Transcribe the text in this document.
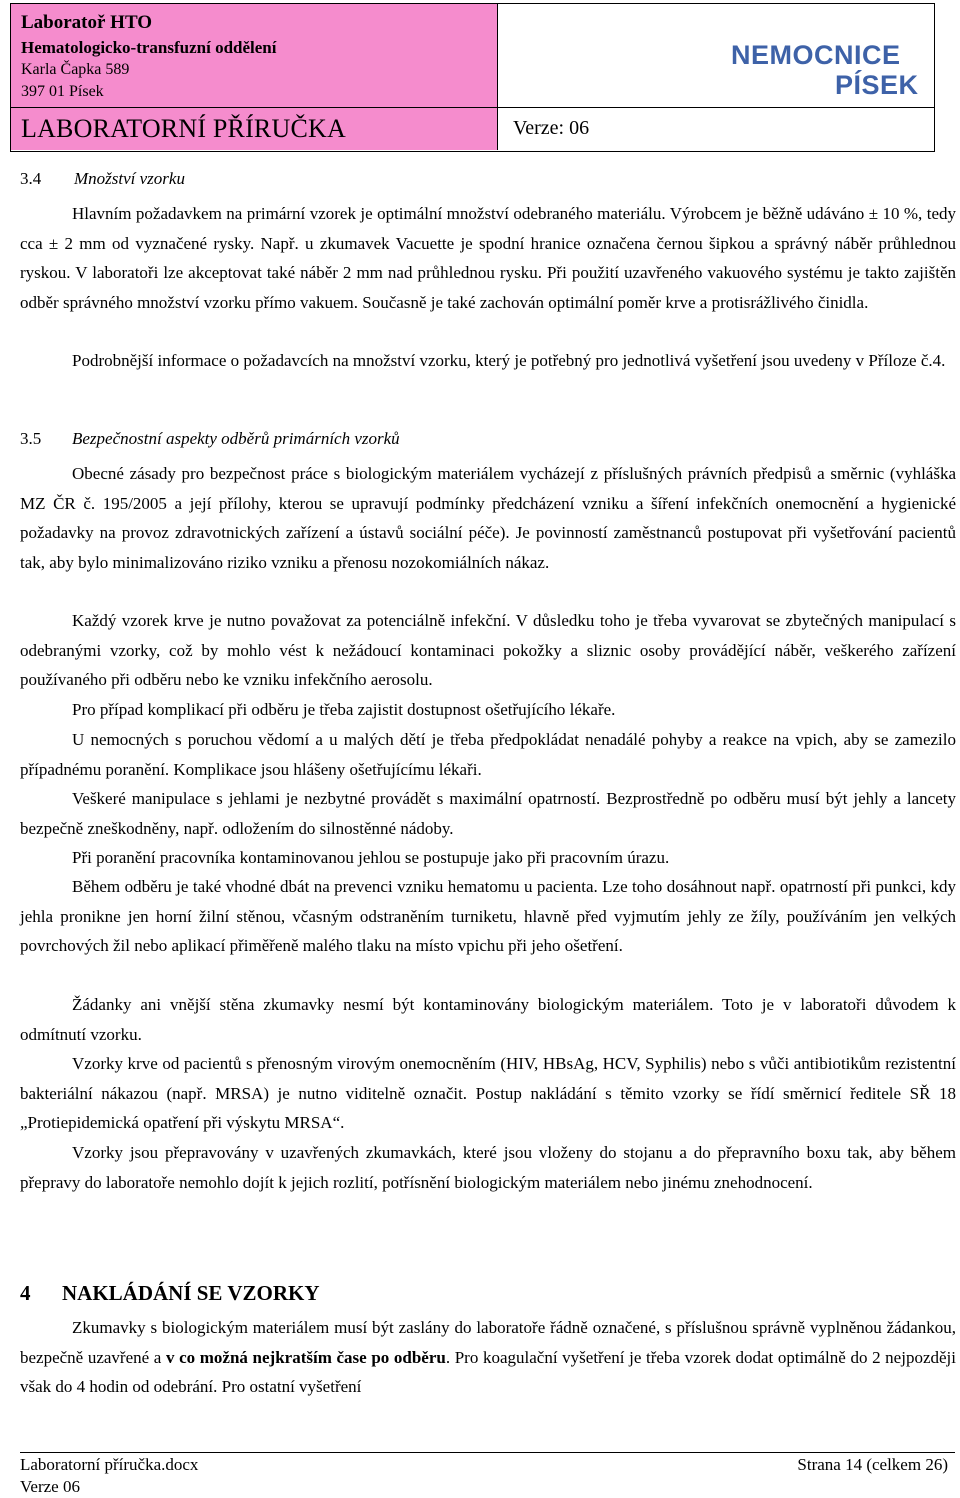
Laboratoř HTO
Hematologicko-transfuzní oddělení
Karla Čapka 589
397 01 Písek
LABORATORNÍ PŘÍRUČKA	Verze: 06
NEMOCNICE
PÍSEK
3.4 Množství vzorku
Hlavním požadavkem na primární vzorek je optimální množství odebraného materiálu. Výrobcem je běžně udáváno ± 10 %, tedy cca ± 2 mm od vyznačené rysky. Např. u zkumavek Vacuette je spodní hranice označena černou šipkou a správný náběr průhlednou ryskou. V laboratoři lze akceptovat také náběr 2 mm nad průhlednou rysku. Při použití uzavřeného vakuového systému je takto zajištěn odběr správného množství vzorku přímo vakuem. Současně je také zachován optimální poměr krve a protisrážlivého činidla.
Podrobnější informace o požadavcích na množství vzorku, který je potřebný pro jednotlivá vyšetření jsou uvedeny v Příloze č.4.
3.5 Bezpečnostní aspekty odběrů primárních vzorků
Obecné zásady pro bezpečnost práce s biologickým materiálem vycházejí z příslušných právních předpisů a směrnic (vyhláška MZ ČR č. 195/2005 a její přílohy, kterou se upravují podmínky předcházení vzniku a šíření infekčních onemocnění a hygienické požadavky na provoz zdravotnických zařízení a ústavů sociální péče). Je povinností zaměstnanců postupovat při vyšetřování pacientů tak, aby bylo minimalizováno riziko vzniku a přenosu nozokomiálních nákaz.
Každý vzorek krve je nutno považovat za potenciálně infekční. V důsledku toho je třeba vyvarovat se zbytečných manipulací s odebranými vzorky, což by mohlo vést k nežádoucí kontaminaci pokožky a sliznic osoby provádějící náběr, veškerého zařízení používaného při odběru nebo ke vzniku infekčního aerosolu.
Pro případ komplikací při odběru je třeba zajistit dostupnost ošetřujícího lékaře.
U nemocných s poruchou vědomí a u malých dětí je třeba předpokládat nenadálé pohyby a reakce na vpich, aby se zamezilo případnému poranění. Komplikace jsou hlášeny ošetřujícímu lékaři.
Veškeré manipulace s jehlami je nezbytné provádět s maximální opatrností. Bezprostředně po odběru musí být jehly a lancety bezpečně zneškodněny, např. odložením do silnostěnné nádoby.
Při poranění pracovníka kontaminovanou jehlou se postupuje jako při pracovním úrazu.
Během odběru je také vhodné dbát na prevenci vzniku hematomu u pacienta. Lze toho dosáhnout např. opatrností při punkci, kdy jehla pronikne jen horní žilní stěnou, včasným odstraněním turniketu, hlavně před vyjmutím jehly ze žíly, používáním jen velkých povrchových žil nebo aplikací přiměřeně malého tlaku na místo vpichu při jeho ošetření.
Žádanky ani vnější stěna zkumavky nesmí být kontaminovány biologickým materiálem. Toto je v laboratoři důvodem k odmítnutí vzorku.
Vzorky krve od pacientů s přenosným virovým onemocněním (HIV, HBsAg, HCV, Syphilis) nebo s vůči antibiotikům rezistentní bakteriální nákazou (např. MRSA) je nutno viditelně označit. Postup nakládání s těmito vzorky se řídí směrnicí ředitele SŘ 18 „Protiepidemická opatření při výskytu MRSA“.
Vzorky jsou přepravovány v uzavřených zkumavkách, které jsou vloženy do stojanu a do přepravního boxu tak, aby během přepravy do laboratoře nemohlo dojít k jejich rozlití, potřísnění biologickým materiálem nebo jinému znehodnocení.
4 NAKLÁDÁNÍ SE VZORKY
Zkumavky s biologickým materiálem musí být zaslány do laboratoře řádně označené, s příslušnou správně vyplněnou žádankou, bezpečně uzavřené a v co možná nejkratším čase po odběru. Pro koagulační vyšetření je třeba vzorek dodat optimálně do 2 nejpozději však do 4 hodin od odebrání. Pro ostatní vyšetření
Laboratorní příručka.docx
Verze 06
Strana 14 (celkem 26)
